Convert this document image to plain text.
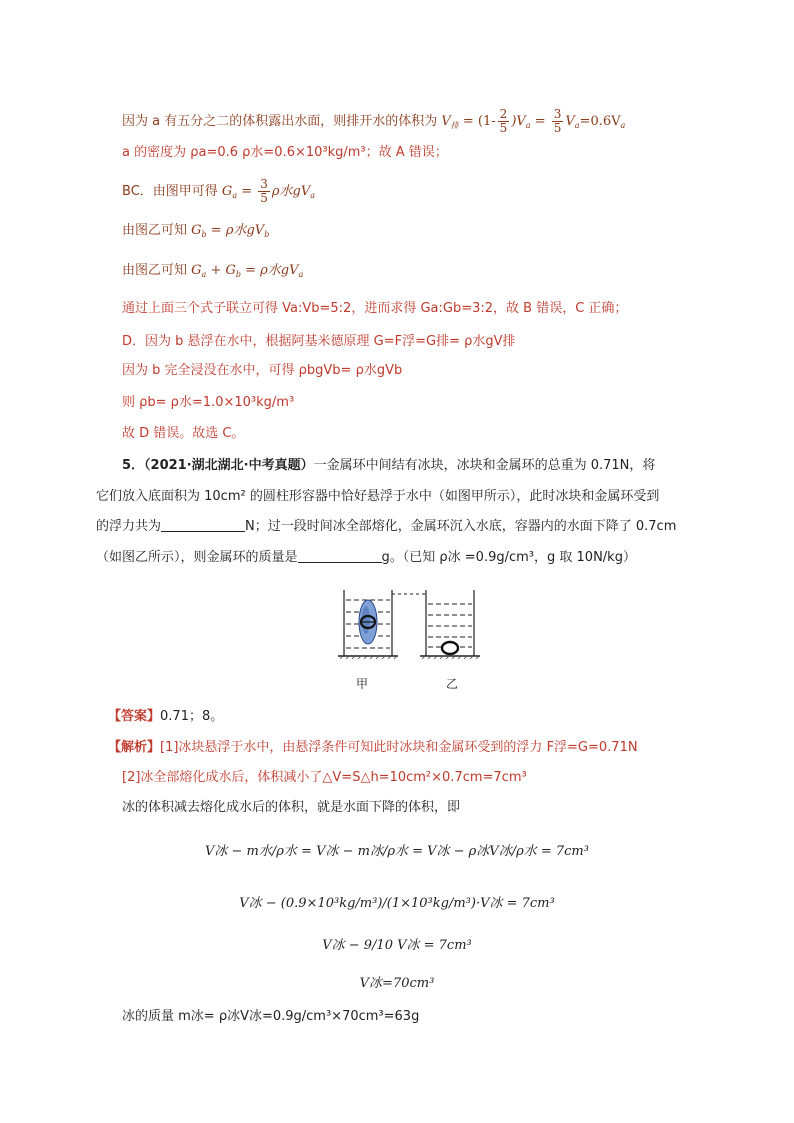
因为 a 有五分之二的体积露出水面，则排开水的体积为 $V_排 = (1- \frac{2}{5} )V_a = \frac{3}{5} V_a=0.6V_a$
a 的密度为 ρa=0.6 ρ水=0.6×10³kg/m³；故 A 错误；
BC．由图甲可得 $G_a = \frac{3}{5}$ ρ水$gV_a$
由图乙可知 $G_b = \rho$水$gV_b$
由图乙可知 $G_a + G_b = \rho$水$gV_a$
通过上面三个式子联立可得 Va:Vb=5:2，进而求得 Ga:Gb=3:2，故 B 错误，C 正确；
D．因为 b 悬浮在水中，根据阿基米德原理 G=F浮=G排= ρ水gV排
因为 b 完全浸没在水中，可得 ρbgVb= ρ水gVb
则 ρb= ρ水=1.0×10³kg/m³
故 D 错误。故选 C。
5．（2021·湖北湖北·中考真题）一金属环中间结有冰块，冰块和金属环的总重为 0.71N，将
它们放入底面积为 10cm² 的圆柱形容器中恰好悬浮于水中（如图甲所示），此时冰块和金属环受到
的浮力共为	N；过一段时间冰全部熔化，金属环沉入水底，容器内的水面下降了 0.7cm
（如图乙所示），则金属环的质量是	g。（已知 ρ冰 =0.9g/cm³，g 取 10N/kg）
甲	乙
【答案】0.71；8。
【解析】[1]冰块悬浮于水中，由悬浮条件可知此时冰块和金属环受到的浮力 F浮=G=0.71N
[2]冰全部熔化成水后，体积减小了△V=S△h=10cm²×0.7cm=7cm³
冰的体积减去熔化成水后的体积，就是水面下降的体积，即
V冰 − m水/ρ水 = V冰 − m冰/ρ水 = V冰 − ρ冰V冰/ρ水 = 7cm³
V冰 − (0.9×10³kg/m³)/(1×10³kg/m³)·V冰 = 7cm³
V冰 − 9/10 V冰 = 7cm³
V冰=70cm³
冰的质量 m冰= ρ冰V冰=0.9g/cm³×70cm³=63g
